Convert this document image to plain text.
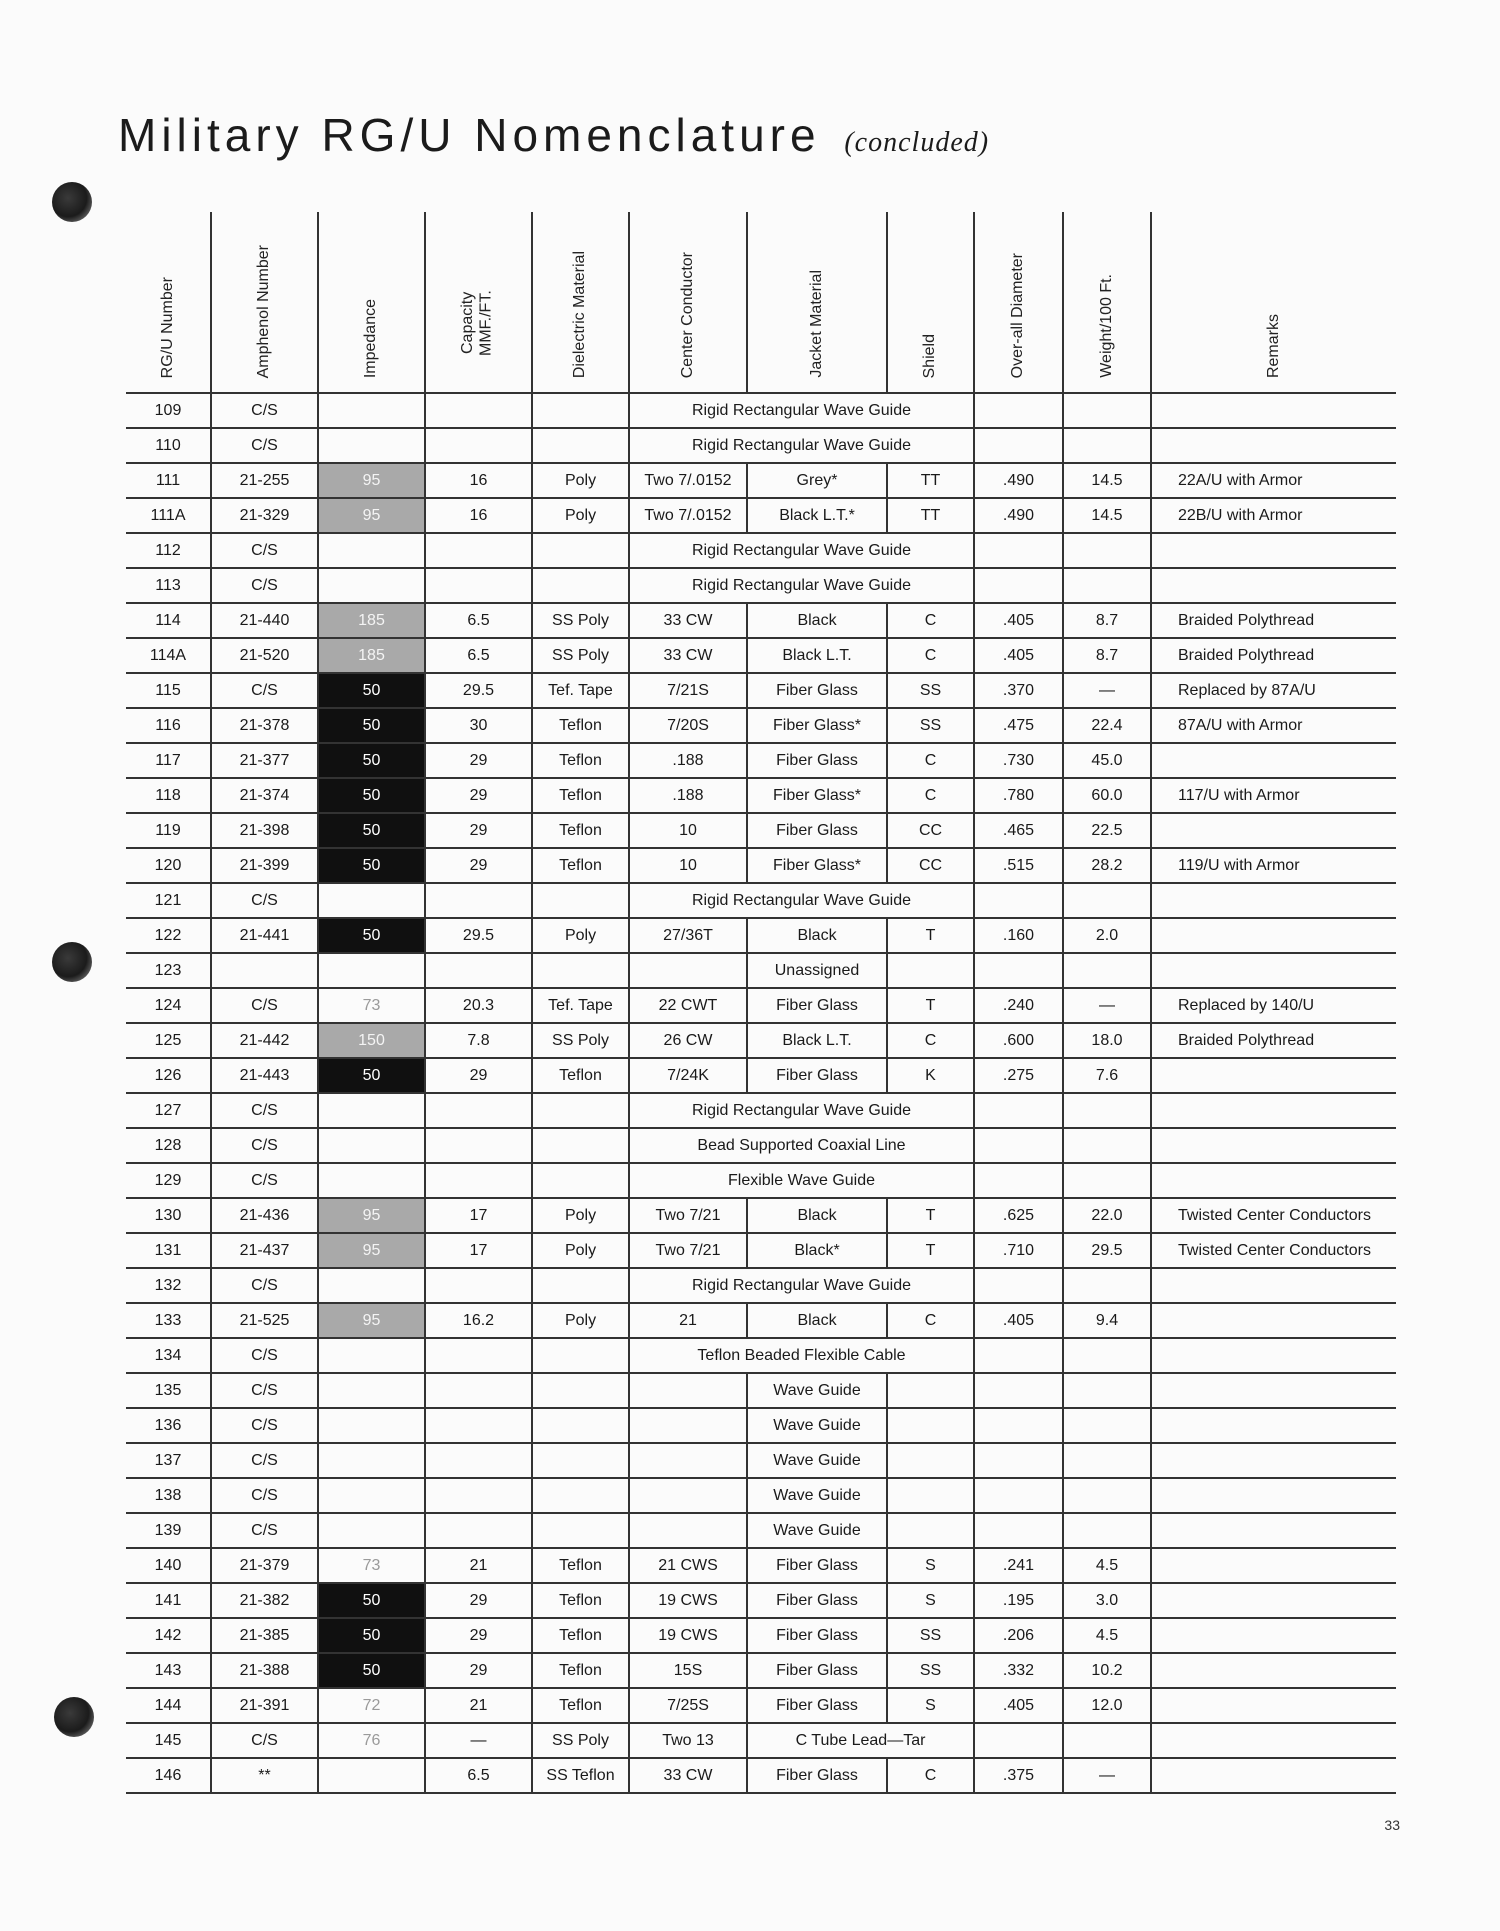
Military RG/U Nomenclature (concluded)
RG/U Number	Amphenol Number	Impedance	Capacity MMF./FT.	Dielectric Material	Center Conductor	Jacket Material	Shield	Over-all Diameter	Weight/100 Ft.	Remarks

109	C/S				Rigid Rectangular Wave Guide					
110	C/S				Rigid Rectangular Wave Guide					
111	21-255	95	16	Poly	Two 7/.0152	Grey*	TT	.490	14.5	22A/U with Armor
111A	21-329	95	16	Poly	Two 7/.0152	Black L.T.*	TT	.490	14.5	22B/U with Armor
112	C/S				Rigid Rectangular Wave Guide					
113	C/S				Rigid Rectangular Wave Guide					
114	21-440	185	6.5	SS Poly	33 CW	Black	C	.405	8.7	Braided Polythread
114A	21-520	185	6.5	SS Poly	33 CW	Black L.T.	C	.405	8.7	Braided Polythread
115	C/S	50	29.5	Tef. Tape	7/21S	Fiber Glass	SS	.370	—	Replaced by 87A/U
116	21-378	50	30	Teflon	7/20S	Fiber Glass*	SS	.475	22.4	87A/U with Armor
117	21-377	50	29	Teflon	.188	Fiber Glass	C	.730	45.0	
118	21-374	50	29	Teflon	.188	Fiber Glass*	C	.780	60.0	117/U with Armor
119	21-398	50	29	Teflon	10	Fiber Glass	CC	.465	22.5	
120	21-399	50	29	Teflon	10	Fiber Glass*	CC	.515	28.2	119/U with Armor
121	C/S				Rigid Rectangular Wave Guide					
122	21-441	50	29.5	Poly	27/36T	Black	T	.160	2.0	
123						Unassigned				
124	C/S	73	20.3	Tef. Tape	22 CWT	Fiber Glass	T	.240	—	Replaced by 140/U
125	21-442	150	7.8	SS Poly	26 CW	Black L.T.	C	.600	18.0	Braided Polythread
126	21-443	50	29	Teflon	7/24K	Fiber Glass	K	.275	7.6	
127	C/S				Rigid Rectangular Wave Guide					
128	C/S				Bead Supported Coaxial Line					
129	C/S				Flexible Wave Guide					
130	21-436	95	17	Poly	Two 7/21	Black	T	.625	22.0	Twisted Center Conductors
131	21-437	95	17	Poly	Two 7/21	Black*	T	.710	29.5	Twisted Center Conductors
132	C/S				Rigid Rectangular Wave Guide					
133	21-525	95	16.2	Poly	21	Black	C	.405	9.4	
134	C/S				Teflon Beaded Flexible Cable					
135	C/S					Wave Guide				
136	C/S					Wave Guide				
137	C/S					Wave Guide				
138	C/S					Wave Guide				
139	C/S					Wave Guide				
140	21-379	73	21	Teflon	21 CWS	Fiber Glass	S	.241	4.5	
141	21-382	50	29	Teflon	19 CWS	Fiber Glass	S	.195	3.0	
142	21-385	50	29	Teflon	19 CWS	Fiber Glass	SS	.206	4.5	
143	21-388	50	29	Teflon	15S	Fiber Glass	SS	.332	10.2	
144	21-391	72	21	Teflon	7/25S	Fiber Glass	S	.405	12.0	
145	C/S	76	—	SS Poly	Two 13	C Tube Lead—Tar				
146	**		6.5	SS Teflon	33 CW	Fiber Glass	C	.375	—	
33
